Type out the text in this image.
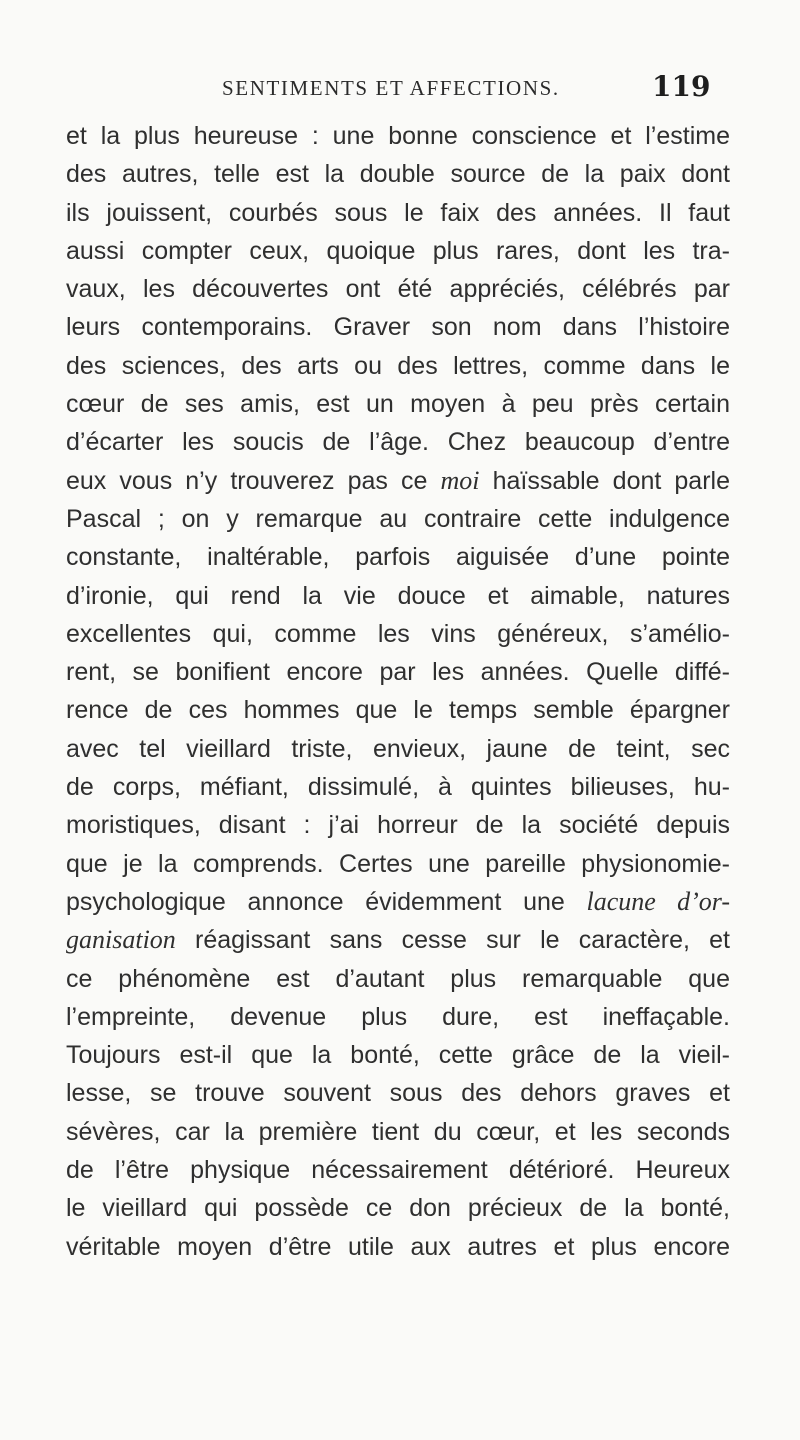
SENTIMENTS ET AFFECTIONS.	119
et la plus heureuse : une bonne conscience et l’estime
des autres, telle est la double source de la paix dont
ils jouissent, courbés sous le faix des années. Il faut
aussi compter ceux, quoique plus rares, dont les tra-
vaux, les découvertes ont été appréciés, célébrés par
leurs contemporains. Graver son nom dans l’histoire
des sciences, des arts ou des lettres, comme dans le
cœur de ses amis, est un moyen à peu près certain
d’écarter les soucis de l’âge. Chez beaucoup d’entre
eux vous n’y trouverez pas ce moi haïssable dont parle
Pascal ; on y remarque au contraire cette indulgence
constante, inaltérable, parfois aiguisée d’une pointe
d’ironie, qui rend la vie douce et aimable, natures
excellentes qui, comme les vins généreux, s’amélio-
rent, se bonifient encore par les années. Quelle diffé-
rence de ces hommes que le temps semble épargner
avec tel vieillard triste, envieux, jaune de teint, sec
de corps, méfiant, dissimulé, à quintes bilieuses, hu-
moristiques, disant : j’ai horreur de la société depuis
que je la comprends. Certes une pareille physionomie-
psychologique annonce évidemment une lacune d’or-
ganisation réagissant sans cesse sur le caractère, et
ce phénomène est d’autant plus remarquable que
l’empreinte, devenue plus dure, est ineffaçable.
Toujours est-il que la bonté, cette grâce de la vieil-
lesse, se trouve souvent sous des dehors graves et
sévères, car la première tient du cœur, et les seconds
de l’être physique nécessairement détérioré. Heureux
le vieillard qui possède ce don précieux de la bonté,
véritable moyen d’être utile aux autres et plus encore
